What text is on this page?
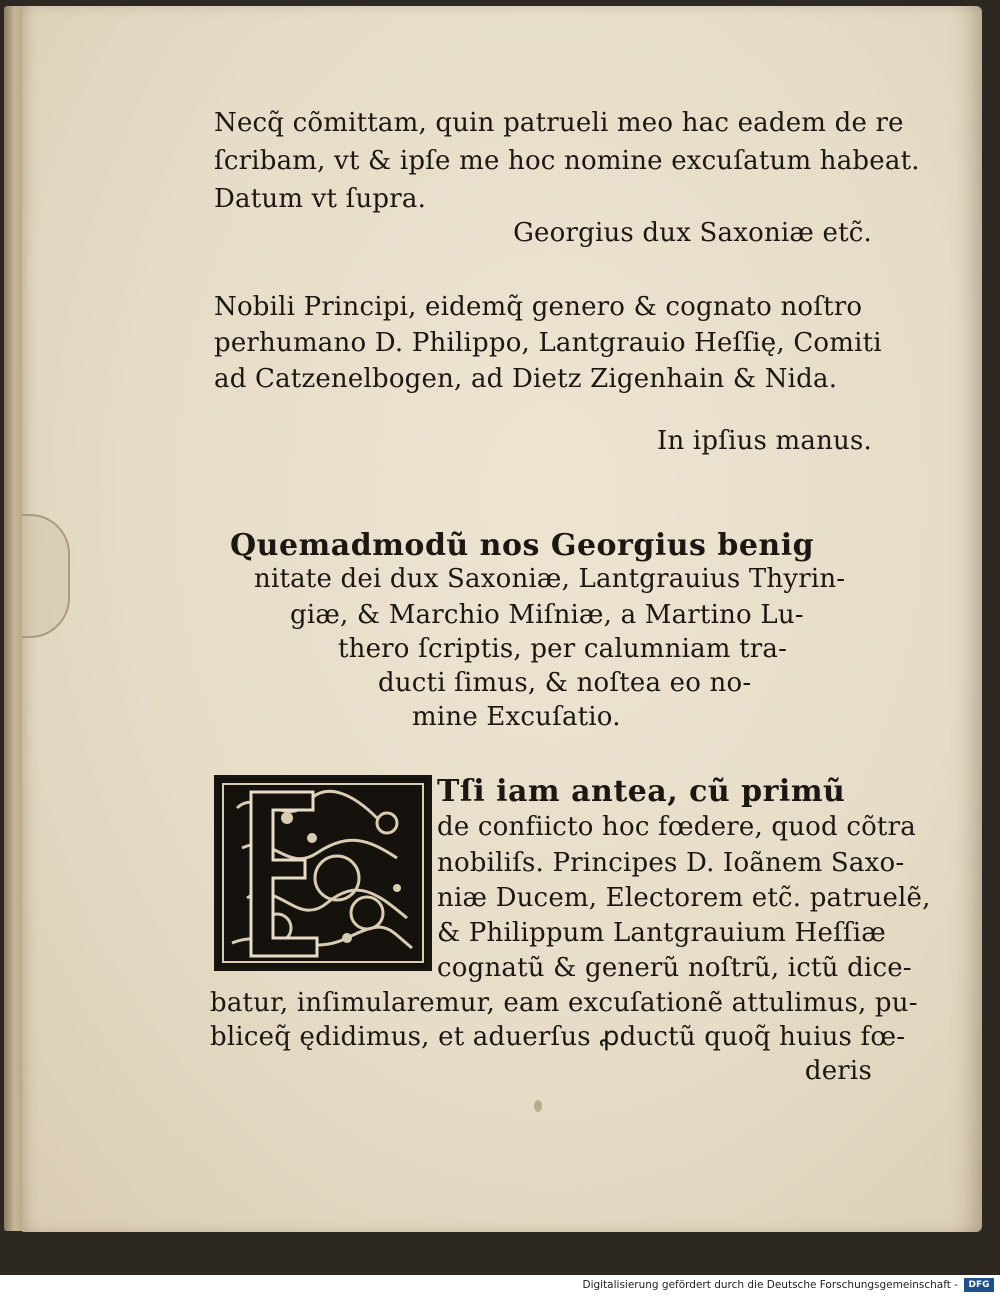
Necq̃ cõmittam, quin patrueli meo hac eadem de re
ſcribam, vt & ipſe me hoc nomine excuſatum habeat.
Datum vt ſupra.
Georgius dux Saxoniæ etc̃.
Nobili Principi, eidemq̃ genero & cognato noſtro
perhumano D. Philippo, Lantgrauio Heſſię, Comiti
ad Catzenelbogen, ad Dietz Zigenhain & Nida.
In ipſius manus.
Quemadmodũ nos Georgius benig
nitate dei dux Saxoniæ, Lantgrauius Thyrin-
giæ, & Marchio Miſniæ, a Martino Lu-
thero ſcriptis, per calumniam tra-
ducti ſimus, & noſtea eo no-
mine Excuſatio.
Tſi iam antea, cũ primũ
de confiicto hoc fœdere, quod cõtra
nobiliſs. Principes D. Ioãnem Saxo-
niæ Ducem, Electorem etc̃. patruelẽ,
& Philippum Lantgrauium Heſſiæ
cognatũ & generũ noſtrũ, ictũ dice-
batur, inſimularemur, eam excuſationẽ attulimus, pu-
bliceq̃ ędidimus, et aduerſus ꝓductũ quoq̃ huius fœ-
deris
Digitalisierung gefördert durch die Deutsche Forschungsgemeinschaft -	DFG
